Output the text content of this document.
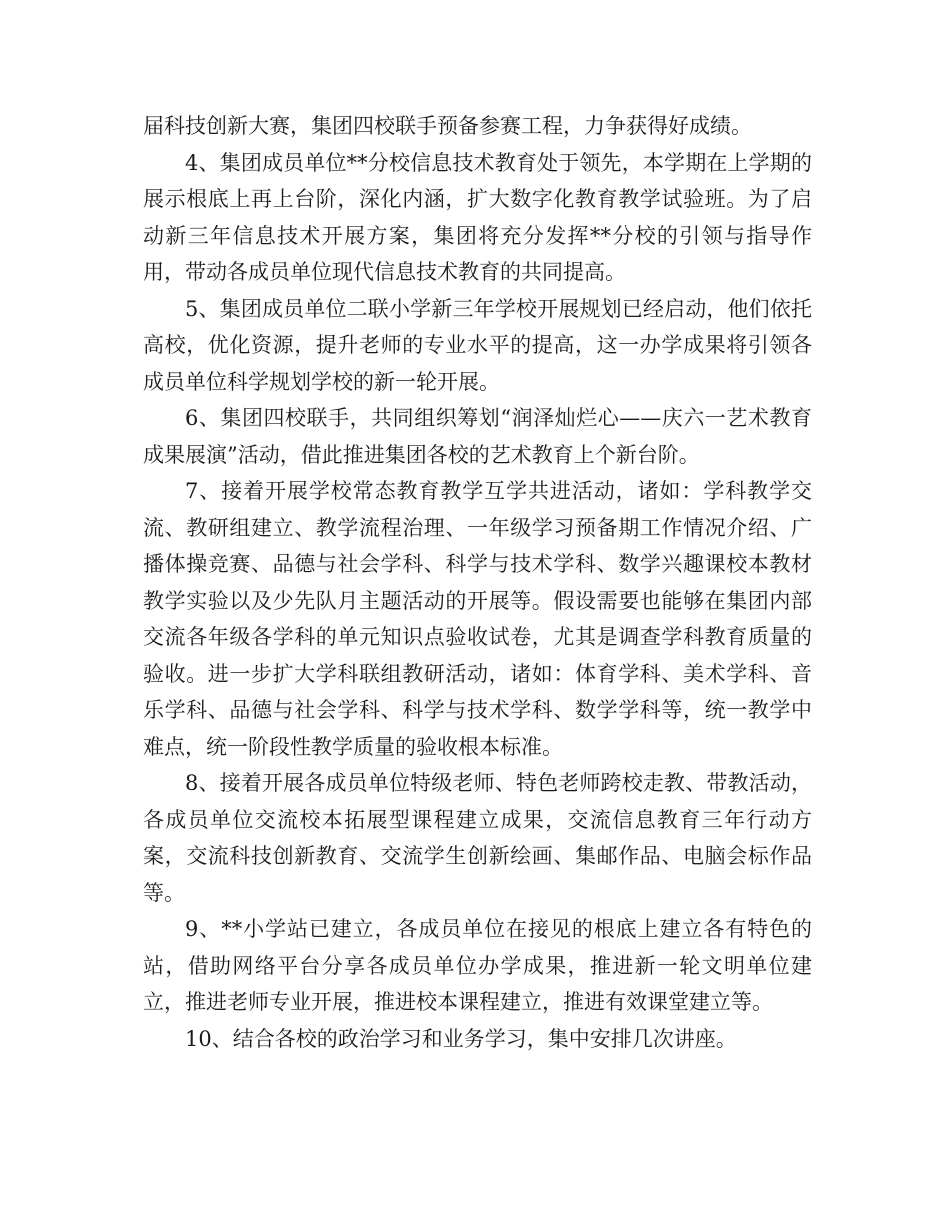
届科技创新大赛，集团四校联手预备参赛工程，力争获得好成绩。

4、集团成员单位**分校信息技术教育处于领先，本学期在上学期的展示根底上再上台阶，深化内涵，扩大数字化教育教学试验班。为了启动新三年信息技术开展方案，集团将充分发挥**分校的引领与指导作用，带动各成员单位现代信息技术教育的共同提高。

5、集团成员单位二联小学新三年学校开展规划已经启动，他们依托高校，优化资源，提升老师的专业水平的提高，这一办学成果将引领各成员单位科学规划学校的新一轮开展。

6、集团四校联手，共同组织筹划“润泽灿烂心——庆六一艺术教育成果展演”活动，借此推进集团各校的艺术教育上个新台阶。

7、接着开展学校常态教育教学互学共进活动，诸如：学科教学交流、教研组建立、教学流程治理、一年级学习预备期工作情况介绍、广播体操竞赛、品德与社会学科、科学与技术学科、数学兴趣课校本教材教学实验以及少先队月主题活动的开展等。假设需要也能够在集团内部交流各年级各学科的单元知识点验收试卷，尤其是调查学科教育质量的验收。进一步扩大学科联组教研活动，诸如：体育学科、美术学科、音乐学科、品德与社会学科、科学与技术学科、数学学科等，统一教学中难点，统一阶段性教学质量的验收根本标准。

8、接着开展各成员单位特级老师、特色老师跨校走教、带教活动，各成员单位交流校本拓展型课程建立成果，交流信息教育三年行动方案，交流科技创新教育、交流学生创新绘画、集邮作品、电脑会标作品等。

9、**小学站已建立，各成员单位在接见的根底上建立各有特色的站，借助网络平台分享各成员单位办学成果，推进新一轮文明单位建立，推进老师专业开展，推进校本课程建立，推进有效课堂建立等。

10、结合各校的政治学习和业务学习，集中安排几次讲座。
